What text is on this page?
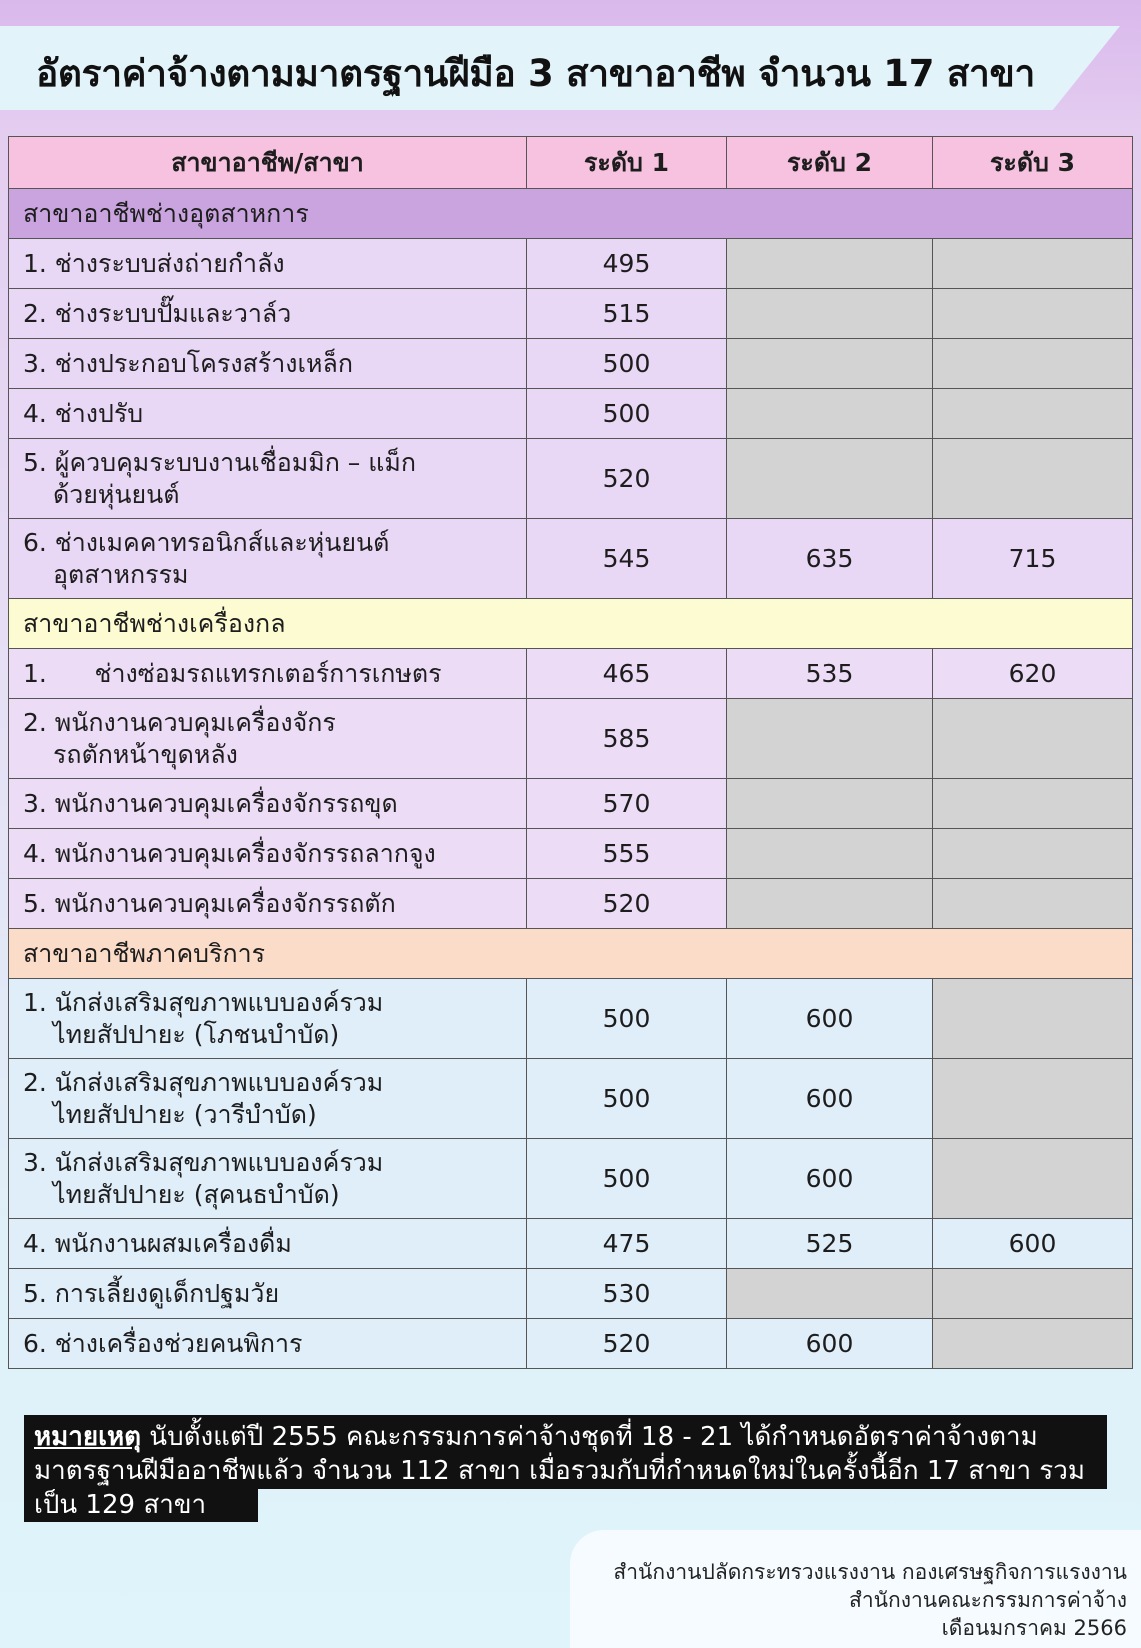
อัตราค่าจ้างตามมาตรฐานฝีมือ 3 สาขาอาชีพ จำนวน 17 สาขา
สาขาอาชีพ/สาขา	ระดับ 1	ระดับ 2	ระดับ 3
สาขาอาชีพช่างอุตสาหการ			
1. ช่างระบบส่งถ่ายกำลัง	495		
2. ช่างระบบปั๊มและวาล์ว	515		
3. ช่างประกอบโครงสร้างเหล็ก	500		
4. ช่างปรับ	500		

5. ผู้ควบคุมระบบงานเชื่อมมิก – แม็ก
ด้วยหุ่นยนต์	520		

6. ช่างเมคคาทรอนิกส์และหุ่นยนต์
อุตสาหกรรม	545	635	715
สาขาอาชีพช่างเครื่องกล			
1.      ช่างซ่อมรถแทรกเตอร์การเกษตร	465	535	620

2. พนักงานควบคุมเครื่องจักร
รถตักหน้าขุดหลัง	585		
3. พนักงานควบคุมเครื่องจักรรถขุด	570		
4. พนักงานควบคุมเครื่องจักรรถลากจูง	555		
5. พนักงานควบคุมเครื่องจักรรถตัก	520		
สาขาอาชีพภาคบริการ			

1. นักส่งเสริมสุขภาพแบบองค์รวม
ไทยสัปปายะ (โภชนบำบัด)	500	600	

2. นักส่งเสริมสุขภาพแบบองค์รวม
ไทยสัปปายะ (วารีบำบัด)	500	600	

3. นักส่งเสริมสุขภาพแบบองค์รวม
ไทยสัปปายะ (สุคนธบำบัด)	500	600	
4. พนักงานผสมเครื่องดื่ม	475	525	600
5. การเลี้ยงดูเด็กปฐมวัย	530		
6. ช่างเครื่องช่วยคนพิการ	520	600	
หมายเหตุ นับตั้งแต่ปี 2555 คณะกรรมการค่าจ้างชุดที่ 18 - 21 ได้กำหนดอัตราค่าจ้างตามมาตรฐานฝีมืออาชีพแล้ว จำนวน 112 สาขา เมื่อรวมกับที่กำหนดใหม่ในครั้งนี้อีก 17 สาขา รวมเป็น 129 สาขา
สำนักงานปลัดกระทรวงแรงงาน กองเศรษฐกิจการแรงงาน
สำนักงานคณะกรรมการค่าจ้าง
เดือนมกราคม 2566
